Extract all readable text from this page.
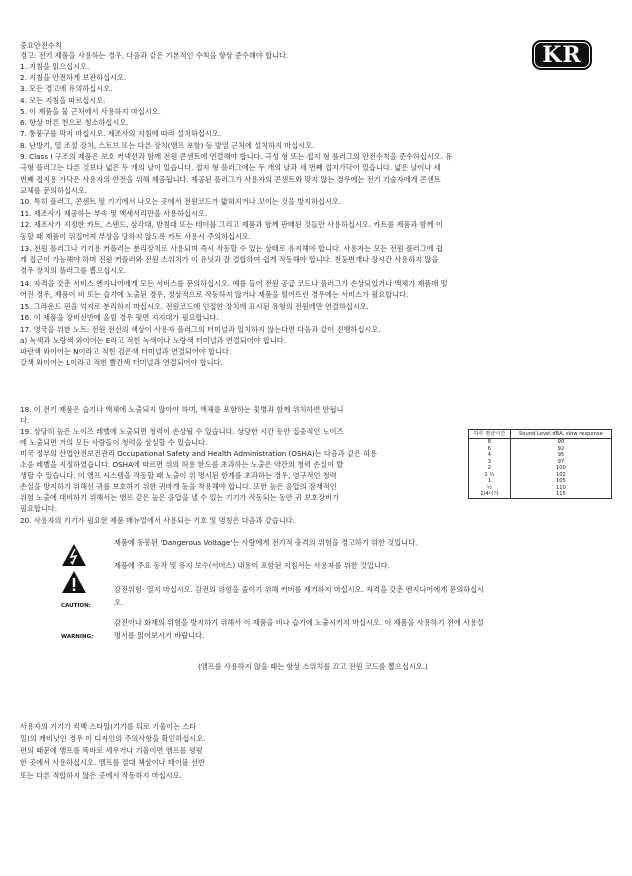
KR
중요안전수칙
경고: 전기 제품을 사용하는 경우, 다음과 같은 기본적인 수칙을 항상 준수해야 합니다.
1. 지침을 읽으십시오.
2. 지침을 안전하게 보관하십시오.
3. 모든 경고에 유의하십시오.
4. 모든 지침을 따르십시오.
5. 이 제품을 물 근처에서 사용하지 마십시오.
6. 항상 마른 천으로 청소하십시오.
7. 통풍구를 막지 마십시오. 제조사의 지침에 따라 설치하십시오.
8. 난방기, 열 조절 장치, 스토브 또는 다른 장치(앰프 포함) 등 발열 근처에 설치하지 마십시오.
9. Class I 구조의 제품은 보호 커넥션과 함께 전원 콘센트에 연결해야 합니다. 극성 형 또는 접지 형 플러그의 안전수칙을 준수하십시오. 유
극형 플러그는 다른 것보다 넓은 두 개의 날이 있습니다. 접지 형 플러그에는 두 개의 날과 세 번째 접지가닥이 있습니다. 넓은 날이나 세
번째 접지용 가닥은 사용자의 안전을 위해 제공됩니다. 제공된 플러그가 사용자의 콘센트와 맞지 않는 경우에는 전기 기술자에게 콘센트
교체를 문의하십시오.
10. 특히 플러그, 콘센트 및 기기에서 나오는 곳에서 전원코드가 밟혀지거나 꼬이는 것을 방지하십시오.
11. 제조사가 제공하는 부속 및 액세서리만을 사용하십시오.
12. 제조사가 지정한 카트, 스탠드, 삼각대, 받침대 또는 테이블 그리고 제품과 함께 판매된 것들만 사용하십시오. 카트를 제품과 함께 이
동할 때 제품이 뒤집어져 부상을 당하지 않도록 카트 사용시 주의하십시오.
13. 전원 플러그나 기기용 커플러는 분리장치로 사용되며 즉시 작동할 수 있는 상태로 유지해야 합니다. 사용자는 모든 전원 플러그에 쉽
게 접근이 가능해야 하며 전원 커플러와 전원 스위치가 이 유닛과 잘 결합하여 쉽게 작동해야 합니다. 천둥번개나 장시간 사용하지 않을
경우 장치의 플러그를 뽑으십시오.
14. 자격을 갖춘 서비스 엔지니어에게 모든 서비스를 문의하십시오. 예를 들어 전원 공급 코드나 플러그가 손상되었거나 액체가 제품에 떨
어진 경우, 제품이 비 또는 습기에 노출된 경우, 정상적으로 작동하지 않거나 제품을 떨어뜨린 경우에는 서비스가 필요합니다.
15. 그라운드 핀을 억지로 분리하지 마십시오. 전원코드에 인접한 장치에 표시된 유형의 전원에만 연결하십시오.
16. 이 제품을 장비선반에 올릴 경우 뒷면 지지대가 필요합니다.
17. 영국을 위한 노트: 전원 전선의 색상이 사용자 플러그의 터미널과 일치하지 않는다면 다음과 같이 진행하십시오.
a) 녹색과 노랑색 와이어는 E라고 적힌 녹색이나 노랑색 터미널과 연결되어야 합니다.
파란색 와이어는 N이라고 적힌 검은색 터미널과 연결되어야 합니다.
갈색 와이어는 L이라고 적힌 빨간색 터미널과 연결되어야 합니다.
18. 이 전기 제품은 습기나 액체에 노출되지 않아야 하며, 액체를 포함하는 꽃병과 함께 위치하면 안됩니
다.
19. 상당히 높은 노이즈 레벨에 노출되면 청력이 손상될 수 있습니다. 상당한 시간 동안 집중적인 노이즈
에 노출되면 거의 모든 사람들이 청력을 상실할 수 있습니다.
미국 정부의 산업안전보건관리 Occupational Safety and Health Administration (OSHA)는 다음과 같은 허용
소음 레벨을 지정하였습니다. OSHA에 따르면 위의 허용 한도를 초과하는 노출은 약간의 청력 손실이 발
생할 수 있습니다. 이 앰프 시스템을 작동할 때 노출이 위 명시된 한계를 초과하는 경우, 영구적인 청력
손실을 방지하기 위해선 귀를 보호하기 위한 귀마개 등을 착용해야 합니다. 또한 높은 음압의 잠재적인
위험 노출에 대비하기 위해서는 앰프 같은 높은 음압을 낼 수 있는 기기가 작동되는 동안 귀 보호장비가
필요합니다.
20. 사용자의 기기가 필요한 제품 매뉴얼에서 사용되는 기호 및 명칭은 다음과 같습니다.
하루 평균시간	Sound Level dBA, slow response
8	90
6	92
4	95
3	97
2	100
1 ½	102
1	105
½	110
1/4이하	115
CAUTION:
WARNING:
제품에 동봉된 'Dangerous Voltage'는 사람에게 전기적 충격의 위험을 경고하기 위한 것입니다.
제품에 주요 동작 및 유지 보수(서비스) 내용이 포함된 지침서는 사용자를 위한 것입니다.
감전위험- 열지 마십시오. 감전의 위험을 줄이기 위해 커버를 제거하지 마십시오. 자격을 갖춘 엔지니어에게 문의하십시
오.
감전이나 화재의 위험을 방지하기 위해서 이 제품을 비나 습기에 노출시키지 마십시오. 이 제품을 사용하기 전에 사용설
명서를 읽어보시기 바랍니다.
(앰프를 사용하지 않을 때는 항상 스위치를 끄고 전원 코드를 뽑으십시오.)
사용자의 기기가 킥백 스타일(기기를 뒤로 기울이는 스타
일)의 캐비닛인 경우 이 디자인의 주의사항을 확인하십시오.
편의 때문에 앰프를 똑바로 세우거나 기울이면 앰프를 평평
한 곳에서 사용하십시오. 앰프를 절대 책상이나 테이블 선반
또는 다른 적합하지 않은 곳에서 작동하지 마십시오.
